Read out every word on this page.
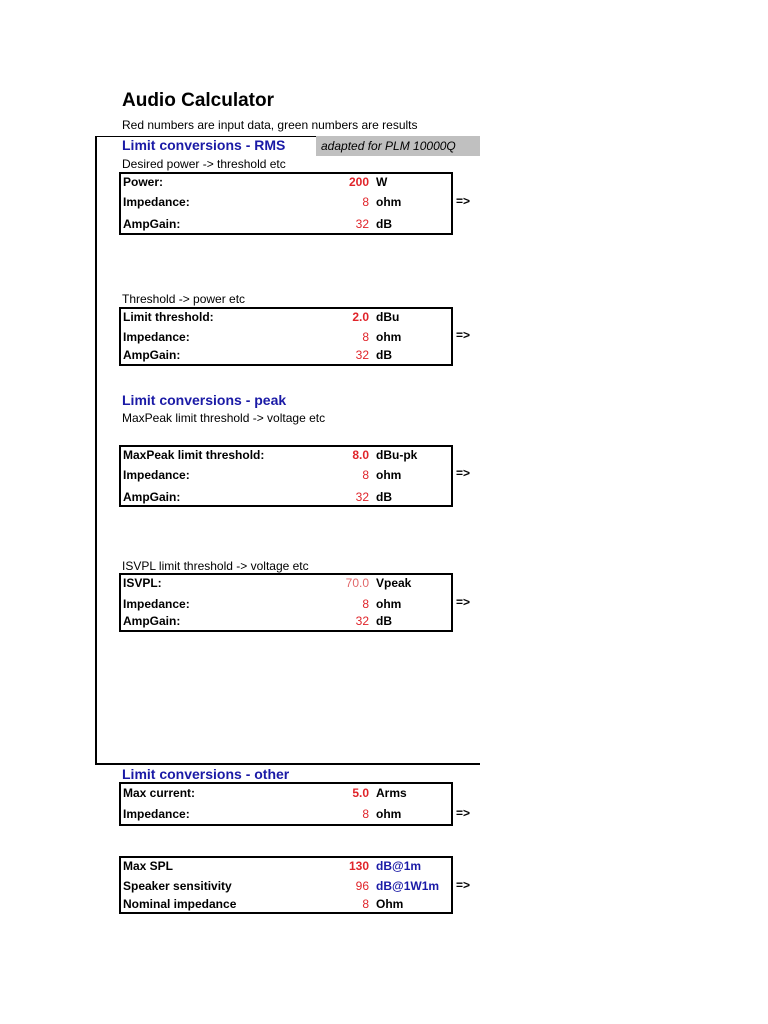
Audio Calculator
Red numbers are input data, green numbers are results
Limit conversions - RMS	adapted for PLM 10000Q
Desired power -> threshold etc
Power:	200 W
Impedance:	8 ohm
AmpGain:	32 dB
=>
Threshold -> power etc
Limit threshold:	2.0 dBu
Impedance:	8 ohm
AmpGain:	32 dB
=>
Limit conversions - peak
MaxPeak limit threshold -> voltage etc
MaxPeak limit threshold:	8.0 dBu-pk
Impedance:	8 ohm
AmpGain:	32 dB
=>
ISVPL limit threshold -> voltage etc
ISVPL:	70.0 Vpeak
Impedance:	8 ohm
AmpGain:	32 dB
=>
Limit conversions - other
Max current:	5.0 Arms
Impedance:	8 ohm	=>
Max SPL	130 dB@1m
Speaker sensitivity	96 dB@1W1m
Nominal impedance	8 Ohm
=>
